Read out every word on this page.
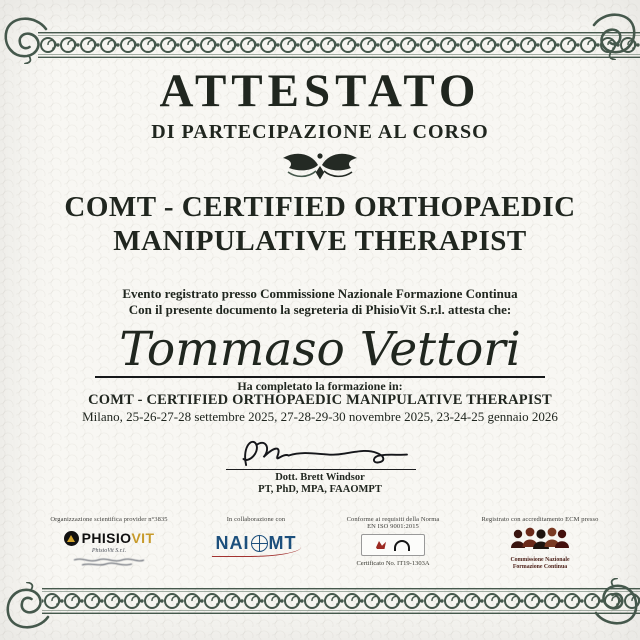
ATTESTATO
DI PARTECIPAZIONE AL CORSO
COMT - CERTIFIED ORTHOPAEDIC
MANIPULATIVE THERAPIST
Evento registrato presso Commissione Nazionale Formazione Continua
Con il presente documento la segreteria di PhisioVit S.r.l. attesta che:
Tommaso Vettori
Ha completato la formazione in:
COMT - CERTIFIED ORTHOPAEDIC MANIPULATIVE THERAPIST
Milano, 25-26-27-28 settembre 2025, 27-28-29-30 novembre 2025, 23-24-25 gennaio 2026
Dott. Brett Windsor
PT, PhD, MPA, FAAOMPT
Organizzazione scientifica provider n°3835
PHISIOVIT
PhisioVit S.r.l.
In collaborazione con
NAI MT
Conforme ai requisiti della Norma
EN ISO 9001:2015
Certificato No. IT19-1303A
Registrato con accreditamento ECM presso
Commissione Nazionale
Formazione Continua
